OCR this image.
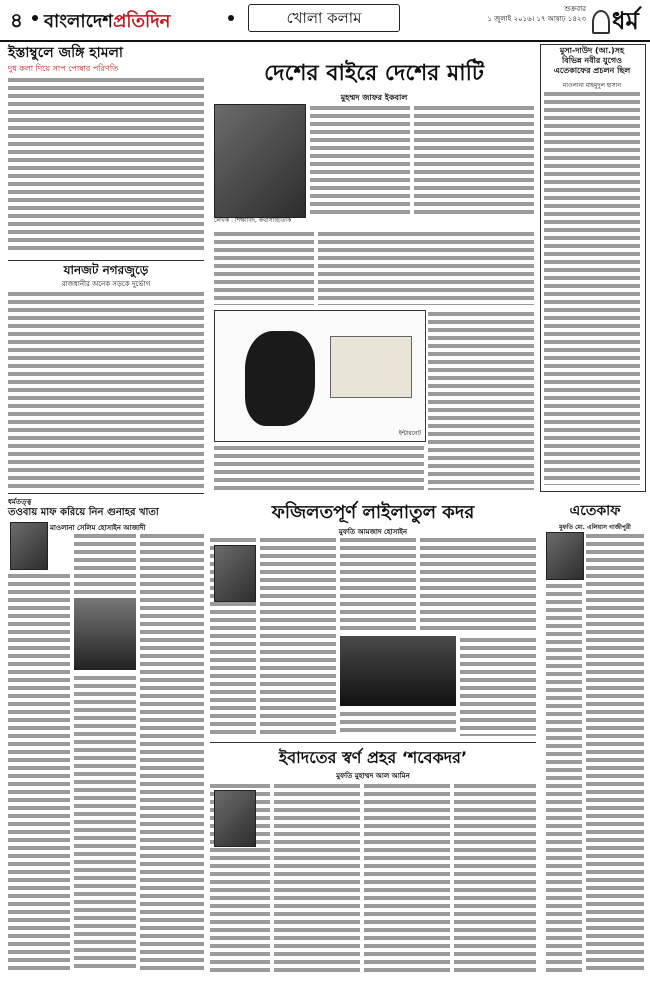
৪ বাংলাদেশপ্রতিদিন	খোলা কলাম	শুক্রবার
১ জুলাই ২০১৬। ১৭ আষাঢ় ১৪২৩	ধর্ম
ইস্তাম্বুলে জঙ্গি হামলা
দুধ কলা দিয়ে সাপ পোষার পরিণতি
যানজট নগরজুড়ে
রাজধানীর অনেক সড়কে দুর্ভোগ
দেশের বাইরে দেশের মাটি
মুহম্মদ জাফর ইকবাল
লেখক : শিক্ষাবিদ, কথাসাহিত্যিক
ইন্টারনেট
মুসা-দাউদ (আ.)সহ
বিভিন্ন নবীর যুগেও
এতেকাফের প্রচলন ছিল
মাওলানা মাহমুদুল হাসান
ধর্মতত্ত্ব
তওবায় মাফ করিয়ে নিন গুনাহর খাতা
মাওলানা সেলিম হোসাইন আজাদী
ফজিলতপূর্ণ লাইলাতুল কদর
মুফতি আমজাদ হোসাইন
এতেকাফ
মুফতি মো. এলিয়াস গাজীপুরী
ইবাদতের স্বর্ণ প্রহর ‘শবেকদর’
মুফতি মুহাম্মদ আল আমিন
